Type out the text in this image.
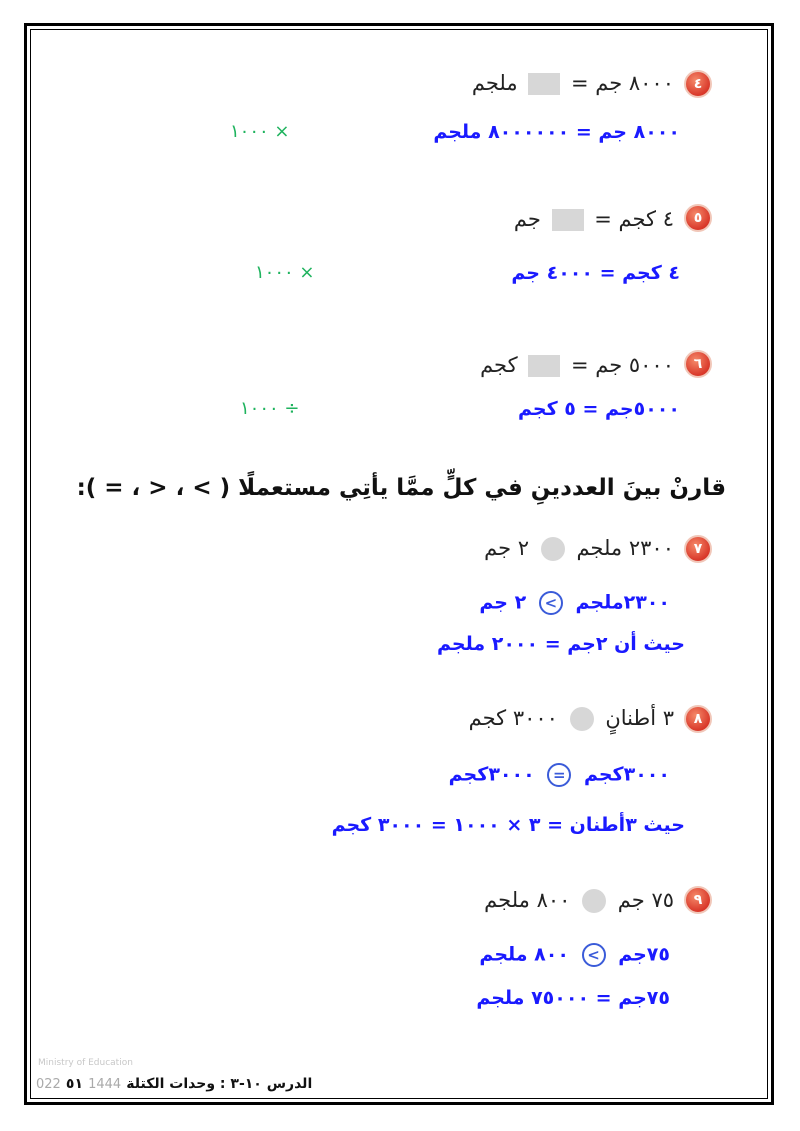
٤
٨٠٠٠ جم =  ملجم
٨٠٠٠ جم = ٨٠٠٠٠٠٠ ملجم
١٠٠٠ ×
٥
٤ كجم =  جم
٤ كجم = ٤٠٠٠ جم
١٠٠٠ ×
٦
٥٠٠٠ جم =  كجم
٥٠٠٠جم = ٥ كجم
١٠٠٠ ÷
قارنْ بينَ العددينِ في كلٍّ ممَّا يأتِي مستعملًا ( > ، < ، = ):
٧
٢٣٠٠ ملجم  ٢ جم
٢٣٠٠ملجم < ٢ جم
حيث أن ٢جم = ٢٠٠٠ ملجم
٨
٣ أطنانٍ  ٣٠٠٠ كجم
٣٠٠٠كجم = ٣٠٠٠كجم
حيث ٣أطنان = ٣ × ١٠٠٠ = ٣٠٠٠ كجم
٩
٧٥ جم  ٨٠٠ ملجم
٧٥جم < ٨٠٠ ملجم
٧٥جم = ٧٥٠٠٠ ملجم
Ministry of Education
022 ٥١ 1444 الدرس ١٠-٣ : وحدات الكتلة
